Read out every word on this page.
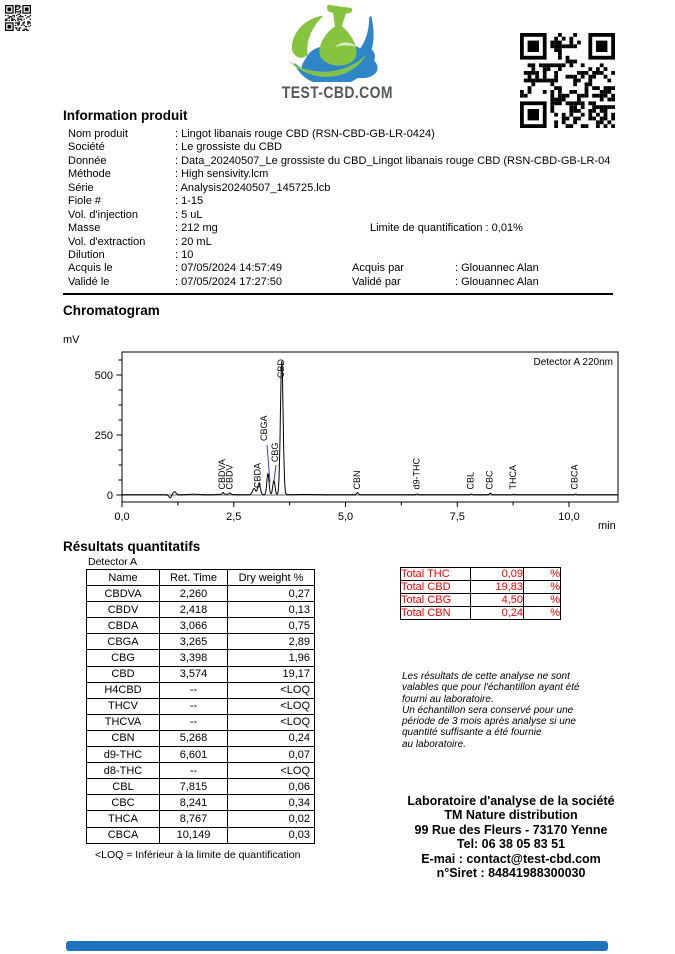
TEST-CBD.COM
Information produit
Nom produit	: Lingot libanais rouge CBD (RSN-CBD-GB-LR-0424)
Société	: Le grossiste du CBD
Donnée	: Data_20240507_Le grossiste du CBD_Lingot libanais rouge CBD (RSN-CBD-GB-LR-04
Méthode	: High sensivity.lcm
Série	: Analysis20240507_145725.lcb
Fiole #	: 1-15
Vol. d'injection	: 5 uL
Masse	: 212 mg	Limite de quantification : 0,01%
Vol. d'extraction	: 20 mL
Dilution	: 10
Acquis le	: 07/05/2024 14:57:49	Acquis par	: Glouannec Alan
Validé le	: 07/05/2024 17:27:50	Validé par	: Glouannec Alan
Chromatogram
mV
0
250
500
0,0	2,5	5,0	7,5	10,0
min
Detector A 220nm
CBDVA
CBDV CBDA
CBGA
CBG
CBD
CBN	d9-THC	CBL CBC THCA	CBCA
Résultats quantitatifs
Detector A
Name	Ret. Time	Dry weight %
CBDVA	2,260	0,27
CBDV	2,418	0,13
CBDA	3,066	0,75
CBGA	3,265	2,89
CBG	3,398	1,96
CBD	3,574	19,17
H4CBD	--	<LOQ
THCV	--	<LOQ
THCVA	--	<LOQ
CBN	5,268	0,24
d9-THC	6,601	0,07
d8-THC	--	<LOQ
CBL	7,815	0,06
CBC	8,241	0,34
THCA	8,767	0,02
CBCA	10,149	0,03
<LOQ = Inférieur à la limite de quantification
Total THC	0,09	%
Total CBD	19,83	%
Total CBG	4,50	%
Total CBN	0,24	%
Les résultats de cette analyse ne sont
valables que pour l'échantillon ayant été
fourni au laboratoire.
Un échantillon sera conservé pour une
période de 3 mois après analyse si une
quantité suffisante a été fournie
au laboratoire.
Laboratoire d'analyse de la société
TM Nature distribution
99 Rue des Fleurs - 73170 Yenne
Tel: 06 38 05 83 51
E-mai : contact@test-cbd.com
n°Siret : 84841988300030
